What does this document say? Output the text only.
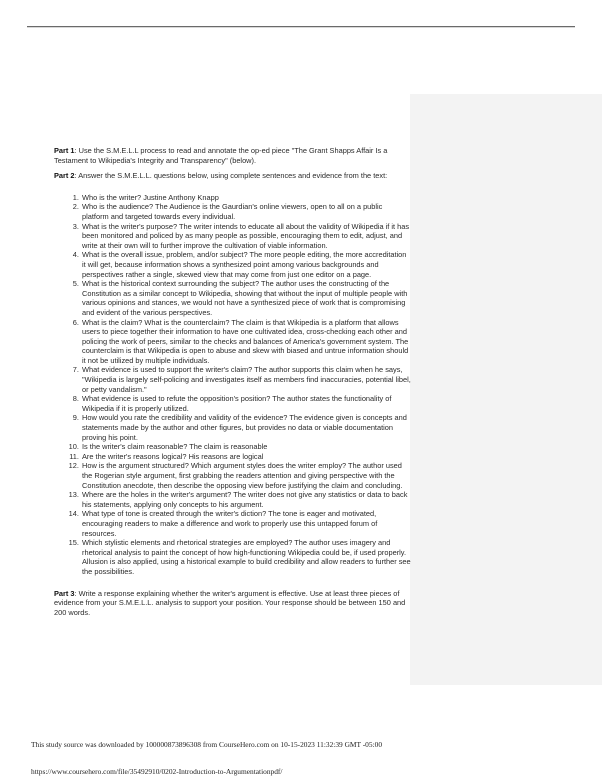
Part 1: Use the S.M.E.L.L process to read and annotate the op-ed piece "The Grant Shapps Affair Is a Testament to Wikipedia's Integrity and Transparency" (below).

Part 2: Answer the S.M.E.L.L. questions below, using complete sentences and evidence from the text:

1. Who is the writer? Justine Anthony Knapp
2. Who is the audience? The Audience is the Gaurdian's online viewers, open to all on a public platform and targeted towards every individual.
3. What is the writer's purpose? The writer intends to educate all about the validity of Wikipedia if it has been monitored and policed by as many people as possible, encouraging them to edit, adjust, and write at their own will to further improve the cultivation of viable information.
4. What is the overall issue, problem, and/or subject? The more people editing, the more accreditation it will get, because information shows a synthesized point among various backgrounds and perspectives rather a single, skewed view that may come from just one editor on a page.
5. What is the historical context surrounding the subject? The author uses the constructing of the Constitution as a similar concept to Wikipedia, showing that without the input of multiple people with various opinions and stances, we would not have a synthesized piece of work that is compromising and evident of the various perspectives.
6. What is the claim? What is the counterclaim? The claim is that Wikipedia is a platform that allows users to piece together their information to have one cultivated idea, cross-checking each other and policing the work of peers, similar to the checks and balances of America's government system. The counterclaim is that Wikipedia is open to abuse and skew with biased and untrue information should it not be utilized by multiple individuals.
7. What evidence is used to support the writer's claim? The author supports this claim when he says, "Wikipedia is largely self-policing and investigates itself as members find inaccuracies, potential libel, or petty vandalism."
8. What evidence is used to refute the opposition's position? The author states the functionality of Wikipedia if it is properly utilized.
9. How would you rate the credibility and validity of the evidence? The evidence given is concepts and statements made by the author and other figures, but provides no data or viable documentation proving his point.
10. Is the writer's claim reasonable? The claim is reasonable
11. Are the writer's reasons logical? His reasons are logical
12. How is the argument structured? Which argument styles does the writer employ? The author used the Rogerian style argument, first grabbing the readers attention and giving perspective with the Constitution anecdote, then describe the opposing view before justifying the claim and concluding.
13. Where are the holes in the writer's argument? The writer does not give any statistics or data to back his statements, applying only concepts to his argument.
14. What type of tone is created through the writer's diction? The tone is eager and motivated, encouraging readers to make a difference and work to properly use this untapped forum of resources.
15. Which stylistic elements and rhetorical strategies are employed? The author uses imagery and rhetorical analysis to paint the concept of how high-functioning Wikipedia could be, if used properly. Allusion is also applied, using a historical example to build credibility and allow readers to further see the possibilities.

Part 3: Write a response explaining whether the writer's argument is effective. Use at least three pieces of evidence from your S.M.E.L.L. analysis to support your position. Your response should be between 150 and 200 words.

This study source was downloaded by 100000873896308 from CourseHero.com on 10-15-2023 11:32:39 GMT -05:00
https://www.coursehero.com/file/35492910/0202-Introduction-to-Argumentationpdf/
